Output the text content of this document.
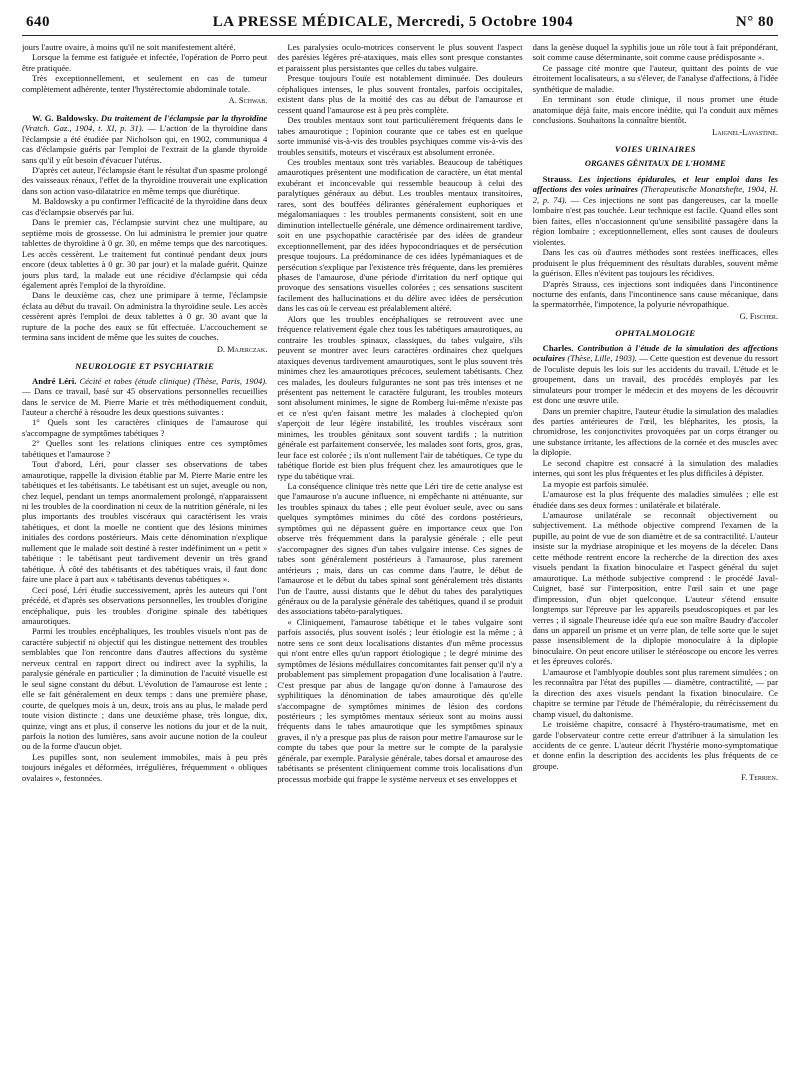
640	LA PRESSE MÉDICALE, Mercredi, 5 Octobre 1904	N° 80

jours l'autre ovaire, à moins qu'il ne soit manifestement altéré.

Lorsque la femme est fatiguée et infectée, l'opération de Porro peut être pratiquée.

Très exceptionnellement, et seulement en cas de tumeur complètement adhérente, tenter l'hystérectomie abdominale totale.

A. Schwab.

W. G. Baldowsky. Du traitement de l'éclampsie par la thyroïdine (Vratch. Gaz., 1904, t. XI, p. 31). — L'action de la thyroïdine dans l'éclampsie a été étudiée par Nicholson qui, en 1902, communiqua 4 cas d'éclampsie guéris par l'emploi de l'extrait de la glande thyroïde sans qu'il y eût besoin d'évacuer l'utérus.

D'après cet auteur, l'éclampsie étant le résultat d'un spasme prolongé des vaisseaux rénaux, l'effet de la thyroïdine trouverait une explication dans son action vaso-dilatatrice en même temps que diurétique.

M. Baldowsky a pu confirmer l'efficacité de la thyroïdine dans deux cas d'éclampsie observés par lui.

Dans le premier cas, l'éclampsie survint chez une multipare, au septième mois de grossesse. On lui administra le premier jour quatre tablettes de thyroïdine à 0 gr. 30, en même temps que des narcotiques. Les accès cessèrent. Le traitement fut continué pendant deux jours encore (deux tablettes à 0 gr. 30 par jour) et la malade guérit. Quinze jours plus tard, la malade eut une récidive d'éclampsie qui céda également après l'emploi de la thyroïdine.

Dans le deuxième cas, chez une primipare à terme, l'éclampsie éclata au début du travail. On administra la thyroïdine seule. Les accès cessèrent après l'emploi de deux tablettes à 0 gr. 30 avant que la rupture de la poche des eaux se fût effectuée. L'accouchement se termina sans incident de même que les suites de couches.

D. Majerczak.
NEUROLOGIE ET PSYCHIATRIE

André Léri. Cécité et tabes (étude clinique) (Thèse, Paris, 1904). — Dans ce travail, basé sur 45 observations personnelles recueillies dans le service de M. Pierre Marie et très méthodiquement conduit, l'auteur a cherché à résoudre les deux questions suivantes :

1° Quels sont les caractères cliniques de l'amaurose qui s'accompagne de symptômes tabétiques ?

2° Quelles sont les relations cliniques entre ces symptômes tabétiques et l'amaurose ?

Tout d'abord, Léri, pour classer ses observations de tabes amaurotique, rappelle la division établie par M. Pierre Marie entre les tabétiques et les tabétisants. Le tabétisant est un sujet, aveugle ou non, chez lequel, pendant un temps anormalement prolongé, n'apparaissent ni les troubles de la coordination ni ceux de la nutrition générale, ni les plus importants des troubles viscéraux qui caractérisent les vrais tabétiques, et dont la moelle ne contient que des lésions minimes initiales des cordons postérieurs. Mais cette dénomination n'explique nullement que le malade soit destiné à rester indéfiniment un « petit » tabétique : le tabétisant peut tardivement devenir un très grand tabétique. À côté des tabétisants et des tabétiques vrais, il faut donc faire une place à part aux « tabétisants devenus tabétiques ».

Ceci posé, Léri étudie successivement, après les auteurs qui l'ont précédé, et d'après ses observations personnelles, les troubles d'origine encéphalique, puis les troubles d'origine spinale des tabétiques amaurotiques.

Parmi les troubles encéphaliques, les troubles visuels n'ont pas de caractère subjectif ni objectif qui les distingue nettement des troubles semblables que l'on rencontre dans d'autres affections du système nerveux central en rapport direct ou indirect avec la syphilis, la paralysie générale en particulier ; la diminution de l'acuité visuelle est le seul signe constant du début. L'évolution de l'amaurose est lente ; elle se fait généralement en deux temps : dans une première phase, courte, de quelques mois à un, deux, trois ans au plus, le malade perd toute vision distincte ; dans une deuxième phase, très longue, dix, quinze, vingt ans et plus, il conserve les notions du jour et de la nuit, parfois la notion des lumières, sans avoir aucune notion de la couleur ou de la forme d'aucun objet.

Les pupilles sont, non seulement immobiles, mais à peu près toujours inégales et déformées, irrégulières, fréquemment « obliques ovalaires », festonnées.

Les paralysies oculo-motrices conservent le plus souvent l'aspect des parésies légères pré-ataxiques, mais elles sont presque constantes et paraissent plus persistantes que celles du tabes vulgaire.

Presque toujours l'ouïe est notablement diminuée. Des douleurs céphaliques intenses, le plus souvent frontales, parfois occipitales, existent dans plus de la moitié des cas au début de l'amaurose et cessent quand l'amaurose est à peu près complète.

Des troubles mentaux sont tout particulièrement fréquents dans le tabes amaurotique ; l'opinion courante que ce tabes est en quelque sorte immunisé vis-à-vis des troubles psychiques comme vis-à-vis des troubles sensitifs, moteurs et viscéraux est absolument erronée.

Ces troubles mentaux sont très variables. Beaucoup de tabétiques amaurotiques présentent une modification de caractère, un état mental exubérant et inconcevable qui ressemble beaucoup à celui des paralytiques généraux au début. Les troubles mentaux transitoires, rares, sont des bouffées délirantes généralement euphoriques et mégalomaniaques : les troubles permanents consistent, soit en une diminution intellectuelle générale, une démence ordinairement tardive, soit en une psychopathie caractérisée par des idées de grandeur exceptionnellement, par des idées hypocondriaques et de persécution presque toujours. La prédominance de ces idées lypémaniaques et de persécution s'explique par l'existence très fréquente, dans les premières phases de l'amaurose, d'une période d'irritation du nerf optique qui provoque des sensations visuelles colorées ; ces sensations suscitent facilement des hallucinations et du délire avec idées de persécution dans les cas où le cerveau est préalablement altéré.

Alors que les troubles encéphaliques se retrouvent avec une fréquence relativement égale chez tous les tabétiques amaurotiques, au contraire les troubles spinaux, classiques, du tabes vulgaire, s'ils peuvent se montrer avec leurs caractères ordinaires chez quelques ataxiques devenus tardivement amaurotiques, sont le plus souvent très minimes chez les amaurotiques précoces, seulement tabétisants. Chez ces malades, les douleurs fulgurantes ne sont pas très intenses et ne présentent pas nettement le caractère fulgurant, les troubles moteurs sont absolument minimes, le signe de Romberg lui-même n'existe pas et ce n'est qu'en faisant mettre les malades à clochepied qu'on s'aperçoit de leur légère instabilité, les troubles viscéraux sont minimes, les troubles génitaux sont souvent tardifs ; la nutrition générale est parfaitement conservée, les malades sont forts, gros, gras, leur face est colorée ; ils n'ont nullement l'air de tabétiques. Ce type du tabétique floride est bien plus fréquent chez les amaurotiques que le type du tabétique vrai.

La conséquence clinique très nette que Léri tire de cette analyse est que l'amaurose n'a aucune influence, ni empêchante ni atténuante, sur les troubles spinaux du tabes ; elle peut évoluer seule, avec ou sans quelques symptômes minimes du côté des cordons postérieurs, symptômes qui ne dépassent guère en importance ceux que l'on observe très fréquemment dans la paralysie générale ; elle peut s'accompagner des signes d'un tabes vulgaire intense. Ces signes de tabes sont généralement postérieurs à l'amaurose, plus rarement antérieurs ; mais, dans un cas comme dans l'autre, le début de l'amaurose et le début du tabes spinal sont généralement très distants l'un de l'autre, aussi distants que le début du tabes des paralytiques généraux ou de la paralysie générale des tabétiques, quand il se produit des associations tabéto-paralytiques.

« Cliniquement, l'amaurose tabétique et le tabes vulgaire sont parfois associés, plus souvent isolés ; leur étiologie est la même ; à notre sens ce sont deux localisations distantes d'un même processus qui n'ont entre elles qu'un rapport étiologique ; le degré minime des symptômes de lésions médullaires concomitantes fait penser qu'il n'y a probablement pas simplement propagation d'une localisation à l'autre. C'est presque par abus de langage qu'on donne à l'amaurose des syphilitiques la dénomination de tabes amaurotique dès qu'elle s'accompagne de symptômes minimes de lésion des cordons postérieurs ; les symptômes mentaux sérieux sont au moins aussi fréquents dans le tabes amaurotique que les symptômes spinaux graves, il n'y a presque pas plus de raison pour mettre l'amaurose sur le compte du tabes que pour la mettre sur le compte de la paralysie générale, par exemple. Paralysie générale, tabes dorsal et amaurose des tabétisants se présentent cliniquement comme trois localisations d'un processus morbide qui frappe le système nerveux et ses enveloppes et

dans la genèse duquel la syphilis joue un rôle tout à fait prépondérant, soit comme cause déterminante, soit comme cause prédisposante ».

Ce passage cité montre que l'auteur, quittant des points de vue étroitement localisateurs, a su s'élever, de l'analyse d'affections, à l'idée synthétique de maladie.

En terminant son étude clinique, il nous promet une étude anatomique déjà faite, mais encore inédite, qui l'a conduit aux mêmes conclusions. Souhaitons la connaître bientôt.

Laignel-Lavastine.
VOIES URINAIRES
ORGANES GÉNITAUX DE L'HOMME

Strauss. Les injections épidurales, et leur emploi dans les affections des voies urinaires (Therapeutische Monatshefte, 1904, H. 2, p. 74). — Ces injections ne sont pas dangereuses, car la moelle lombaire n'est pas touchée. Leur technique est facile. Quand elles sont bien faites, elles n'occasionnent qu'une sensibilité passagère dans la région lombaire ; exceptionnellement, elles sont causes de douleurs violentes.

Dans les cas où d'autres méthodes sont restées inefficaces, elles produisent le plus fréquemment des résultats durables, souvent même la guérison. Elles n'évitent pas toujours les récidives.

D'après Strauss, ces injections sont indiquées dans l'incontinence nocturne des enfants, dans l'incontinence sans cause mécanique, dans la spermatorrhée, l'impotence, la polyurie névropathique.

G. Fischer.
OPHTALMOLOGIE

Charles. Contribution à l'étude de la simulation des affections oculaires (Thèse, Lille, 1903). — Cette question est devenue du ressort de l'oculiste depuis les lois sur les accidents du travail. L'étude et le groupement, dans un travail, des procédés employés par les simulateurs pour tromper le médecin et des moyens de les découvrir est donc une œuvre utile.

Dans un premier chapitre, l'auteur étudie la simulation des maladies des parties antérieures de l'œil, les blépharites, les ptosis, la chromidrose, les conjonctivites provoquées par un corps étranger ou une substance irritante, les affections de la cornée et des muscles avec la diplopie.

Le second chapitre est consacré à la simulation des maladies internes, qui sont les plus fréquentes et les plus difficiles à dépister.

La myopie est parfois simulée.

L'amaurose est la plus fréquente des maladies simulées ; elle est étudiée dans ses deux formes : unilatérale et bilatérale.

L'amaurose unilatérale se reconnaît objectivement ou subjectivement. La méthode objective comprend l'examen de la pupille, au point de vue de son diamètre et de sa contractilité. L'auteur insiste sur la mydriase atropinique et les moyens de la déceler. Dans cette méthode rentrent encore la recherche de la direction des axes visuels pendant la fixation binoculaire et l'aspect général du sujet amaurotique. La méthode subjective comprend : le procédé Javal-Cuignet, basé sur l'interposition, entre l'œil sain et une page d'impression, d'un objet quelconque. L'auteur s'étend ensuite longtemps sur l'épreuve par les appareils pseudoscopiques et par les verres ; il signale l'heureuse idée qu'a eue son maître Baudry d'accoler dans un appareil un prisme et un verre plan, de telle sorte que le sujet passe insensiblement de la diplopie monoculaire à la diplopie binoculaire. On peut encore utiliser le stéréoscope ou encore les verres et les épreuves colorés.

L'amaurose et l'amblyopie doubles sont plus rarement simulées ; on les reconnaîtra par l'état des pupilles — diamètre, contractilité, — par la direction des axes visuels pendant la fixation binoculaire. Ce chapitre se termine par l'étude de l'héméralopie, du rétrécissement du champ visuel, du daltonisme.

Le troisième chapitre, consacré à l'hystéro-traumatisme, met en garde l'observateur contre cette erreur d'attribuer à la simulation les accidents de ce genre. L'auteur décrit l'hystérie mono-symptomatique et donne enfin la description des accidents les plus fréquents de ce groupe.

F. Terrien.
